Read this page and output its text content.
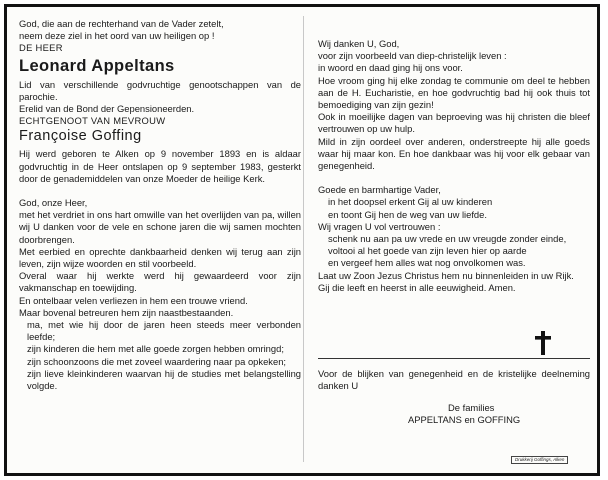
God, die aan de rechterhand van de Vader zetelt,

neem deze ziel in het oord van uw heiligen op !

DE HEER

Leonard Appeltans

Lid van verschillende godvruchtige genootschappen van de parochie.

Erelid van de Bond der Gepensioneerden.

ECHTGENOOT VAN MEVROUW

Françoise Goffing

Hij werd geboren te Alken op 9 november 1893 en is aldaar godvruchtig in de Heer ontslapen op 9 september 1983, gesterkt door de genademiddelen van onze Moeder de heilige Kerk.

God, onze Heer,

met het verdriet in ons hart omwille van het overlijden van pa, willen wij U danken voor de vele en schone jaren die wij samen mochten doorbrengen.

Met eerbied en oprechte dankbaarheid denken wij terug aan zijn leven, zijn wijze woorden en stil voorbeeld.

Overal waar hij werkte werd hij gewaardeerd voor zijn vakmanschap en toewijding.

En ontelbaar velen verliezen in hem een trouwe vriend.

Maar bovenal betreuren hem zijn naastbestaanden.

ma, met wie hij door de jaren heen steeds meer verbonden leefde;

zijn kinderen die hem met alle goede zorgen hebben omringd;

zijn schoonzoons die met zoveel waardering naar pa opkeken;

zijn lieve kleinkinderen waarvan hij de studies met belangstelling volgde.

Wij danken U, God,

voor zijn voorbeeld van diep-christelijk leven :

in woord en daad ging hij ons voor.

Hoe vroom ging hij elke zondag te communie om deel te hebben aan de H. Eucharistie, en hoe godvruchtig bad hij ook thuis tot bemoediging van zijn gezin!

Ook in moeilijke dagen van beproeving was hij christen die bleef vertrouwen op uw hulp.

Mild in zijn oordeel over anderen, onderstreepte hij alle goeds waar hij maar kon. En hoe dankbaar was hij voor elk gebaar van genegenheid.

Goede en barmhartige Vader,

in het doopsel erkent Gij al uw kinderen

en toont Gij hen de weg van uw liefde.

Wij vragen U vol vertrouwen :

schenk nu aan pa uw vrede en uw vreugde zonder einde,

voltooi al het goede van zijn leven hier op aarde

en vergeef hem alles wat nog onvolkomen was.

Laat uw Zoon Jezus Christus hem nu binnenleiden in uw Rijk.

Gij die leeft en heerst in alle eeuwigheid. Amen.

Voor de blijken van genegenheid en de kristelijke deelneming danken U

De families

APPELTANS en GOFFING

Drukkerij Goffings, Alken
